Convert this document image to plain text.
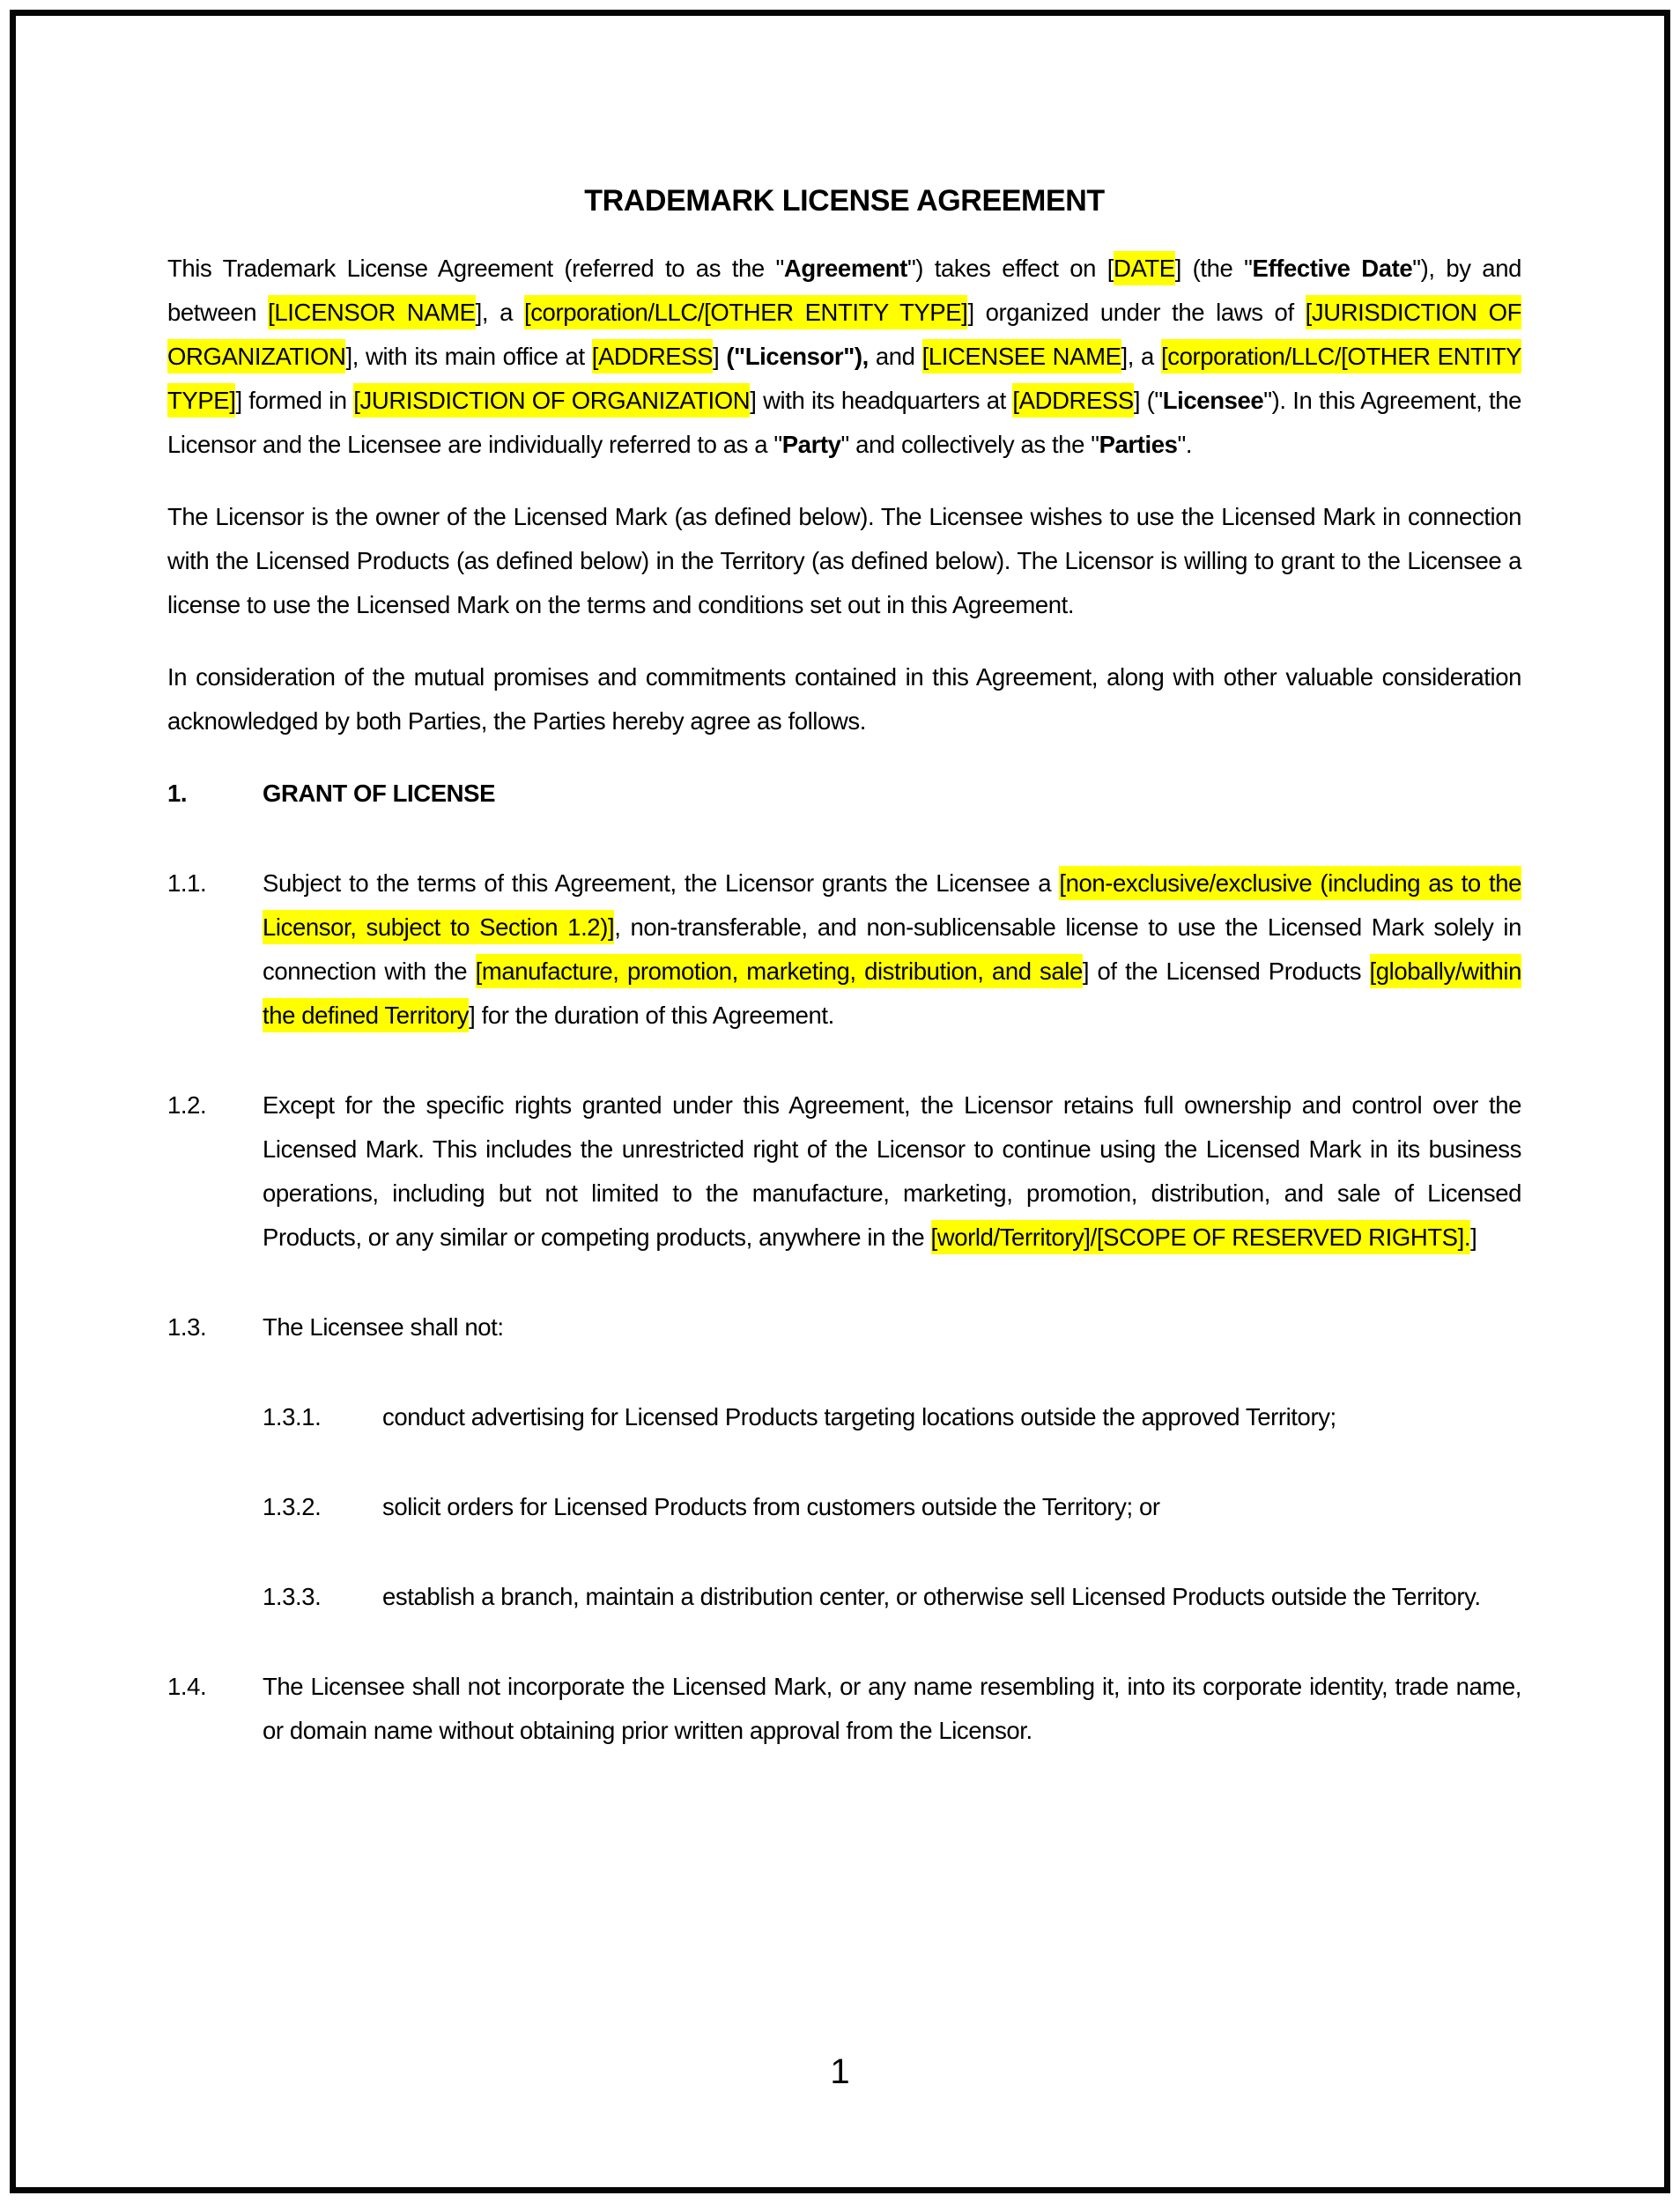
TRADEMARK LICENSE AGREEMENT

This Trademark License Agreement (referred to as the "Agreement") takes effect on [DATE] (the "Effective Date"), by and between [LICENSOR NAME], a [corporation/LLC/[OTHER ENTITY TYPE]] organized under the laws of [JURISDICTION OF ORGANIZATION], with its main office at [ADDRESS] ("Licensor"), and [LICENSEE NAME], a [corporation/LLC/[OTHER ENTITY TYPE]] formed in [JURISDICTION OF ORGANIZATION] with its headquarters at [ADDRESS] ("Licensee"). In this Agreement, the Licensor and the Licensee are individually referred to as a "Party" and collectively as the "Parties".

The Licensor is the owner of the Licensed Mark (as defined below). The Licensee wishes to use the Licensed Mark in connection with the Licensed Products (as defined below) in the Territory (as defined below). The Licensor is willing to grant to the Licensee a license to use the Licensed Mark on the terms and conditions set out in this Agreement.

In consideration of the mutual promises and commitments contained in this Agreement, along with other valuable consideration acknowledged by both Parties, the Parties hereby agree as follows.

1.	GRANT OF LICENSE
1.1.	Subject to the terms of this Agreement, the Licensor grants the Licensee a [non-exclusive/exclusive (including as to the Licensor, subject to Section 1.2)], non-transferable, and non-sublicensable license to use the Licensed Mark solely in connection with the [manufacture, promotion, marketing, distribution, and sale] of the Licensed Products [globally/within the defined Territory] for the duration of this Agreement.
1.2.	Except for the specific rights granted under this Agreement, the Licensor retains full ownership and control over the Licensed Mark. This includes the unrestricted right of the Licensor to continue using the Licensed Mark in its business operations, including but not limited to the manufacture, marketing, promotion, distribution, and sale of Licensed Products, or any similar or competing products, anywhere in the [world/Territory]/[SCOPE OF RESERVED RIGHTS].]
1.3.	The Licensee shall not:
1.3.1.	conduct advertising for Licensed Products targeting locations outside the approved Territory;
1.3.2.	solicit orders for Licensed Products from customers outside the Territory; or
1.3.3.	establish a branch, maintain a distribution center, or otherwise sell Licensed Products outside the Territory.
1.4.	The Licensee shall not incorporate the Licensed Mark, or any name resembling it, into its corporate identity, trade name, or domain name without obtaining prior written approval from the Licensor.
1
